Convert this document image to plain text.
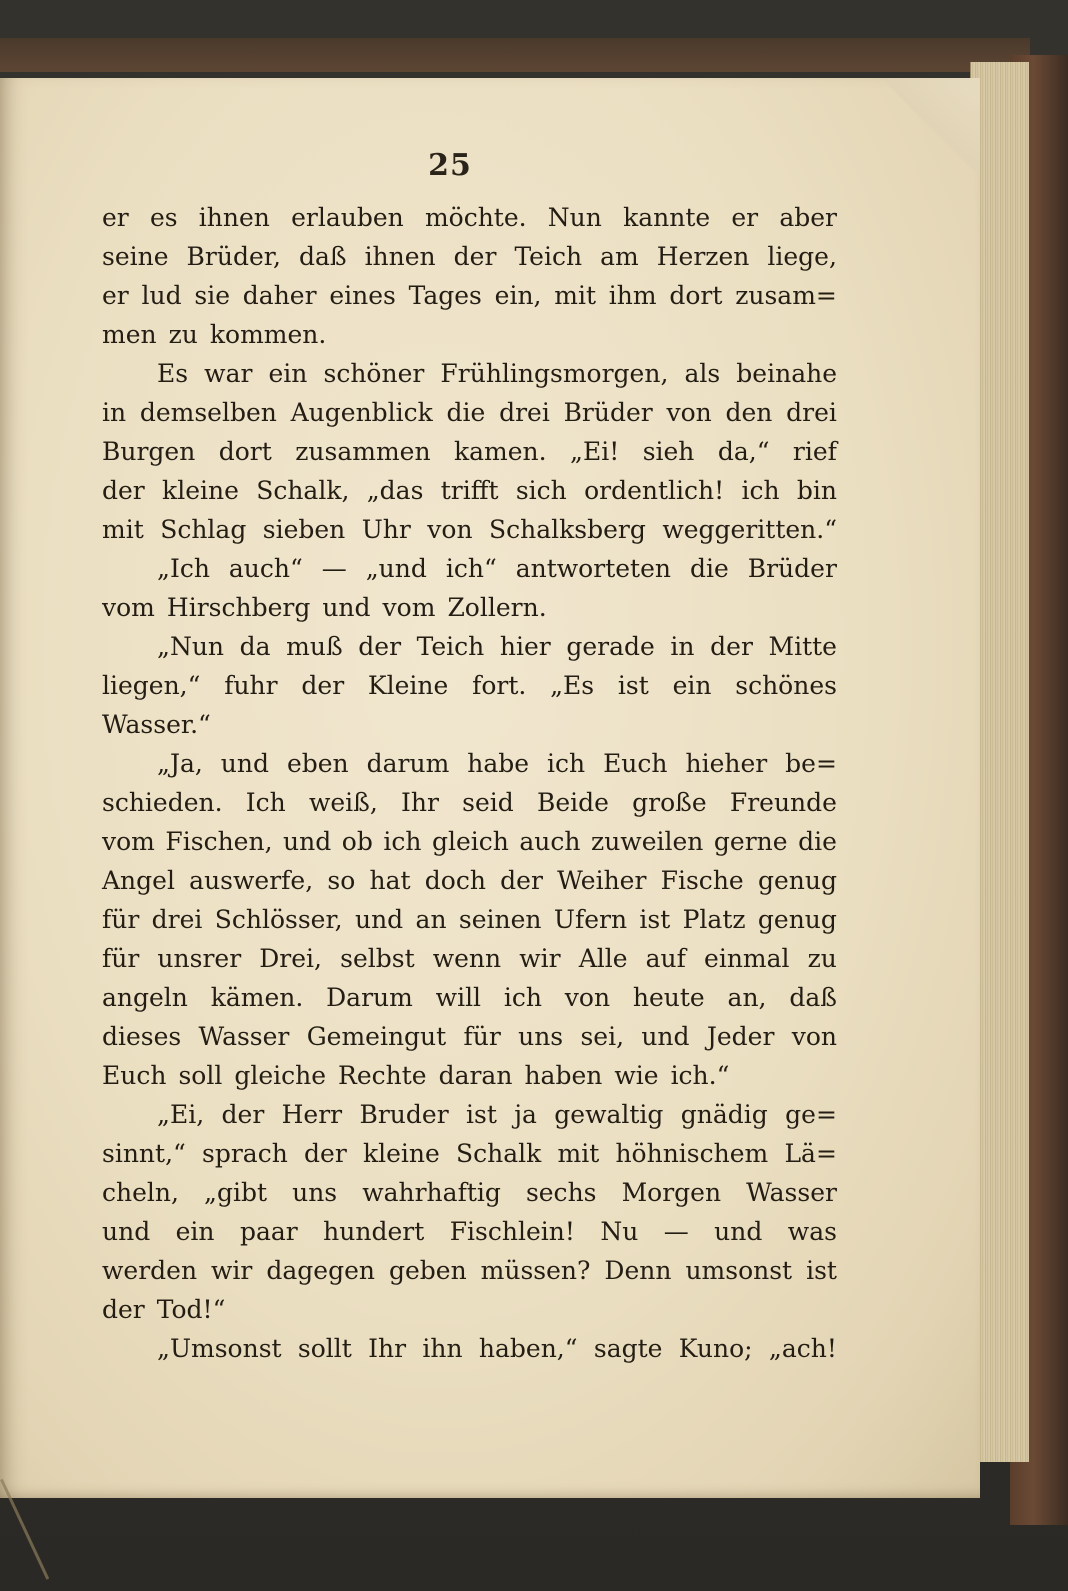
25
er es ihnen erlauben möchte. Nun kannte er aber
seine Brüder, daß ihnen der Teich am Herzen liege,
er lud sie daher eines Tages ein, mit ihm dort zusam=
men zu kommen.
Es war ein schöner Frühlingsmorgen, als beinahe
in demselben Augenblick die drei Brüder von den drei
Burgen dort zusammen kamen. „Ei! sieh da,“ rief
der kleine Schalk, „das trifft sich ordentlich! ich bin
mit Schlag sieben Uhr von Schalksberg weggeritten.“
„Ich auch“ — „und ich“ antworteten die Brüder
vom Hirschberg und vom Zollern.
„Nun da muß der Teich hier gerade in der Mitte
liegen,“ fuhr der Kleine fort. „Es ist ein schönes
Wasser.“
„Ja, und eben darum habe ich Euch hieher be=
schieden. Ich weiß, Ihr seid Beide große Freunde
vom Fischen, und ob ich gleich auch zuweilen gerne die
Angel auswerfe, so hat doch der Weiher Fische genug
für drei Schlösser, und an seinen Ufern ist Platz genug
für unsrer Drei, selbst wenn wir Alle auf einmal zu
angeln kämen. Darum will ich von heute an, daß
dieses Wasser Gemeingut für uns sei, und Jeder von
Euch soll gleiche Rechte daran haben wie ich.“
„Ei, der Herr Bruder ist ja gewaltig gnädig ge=
sinnt,“ sprach der kleine Schalk mit höhnischem Lä=
cheln, „gibt uns wahrhaftig sechs Morgen Wasser
und ein paar hundert Fischlein! Nu — und was
werden wir dagegen geben müssen? Denn umsonst ist
der Tod!“
„Umsonst sollt Ihr ihn haben,“ sagte Kuno; „ach!
